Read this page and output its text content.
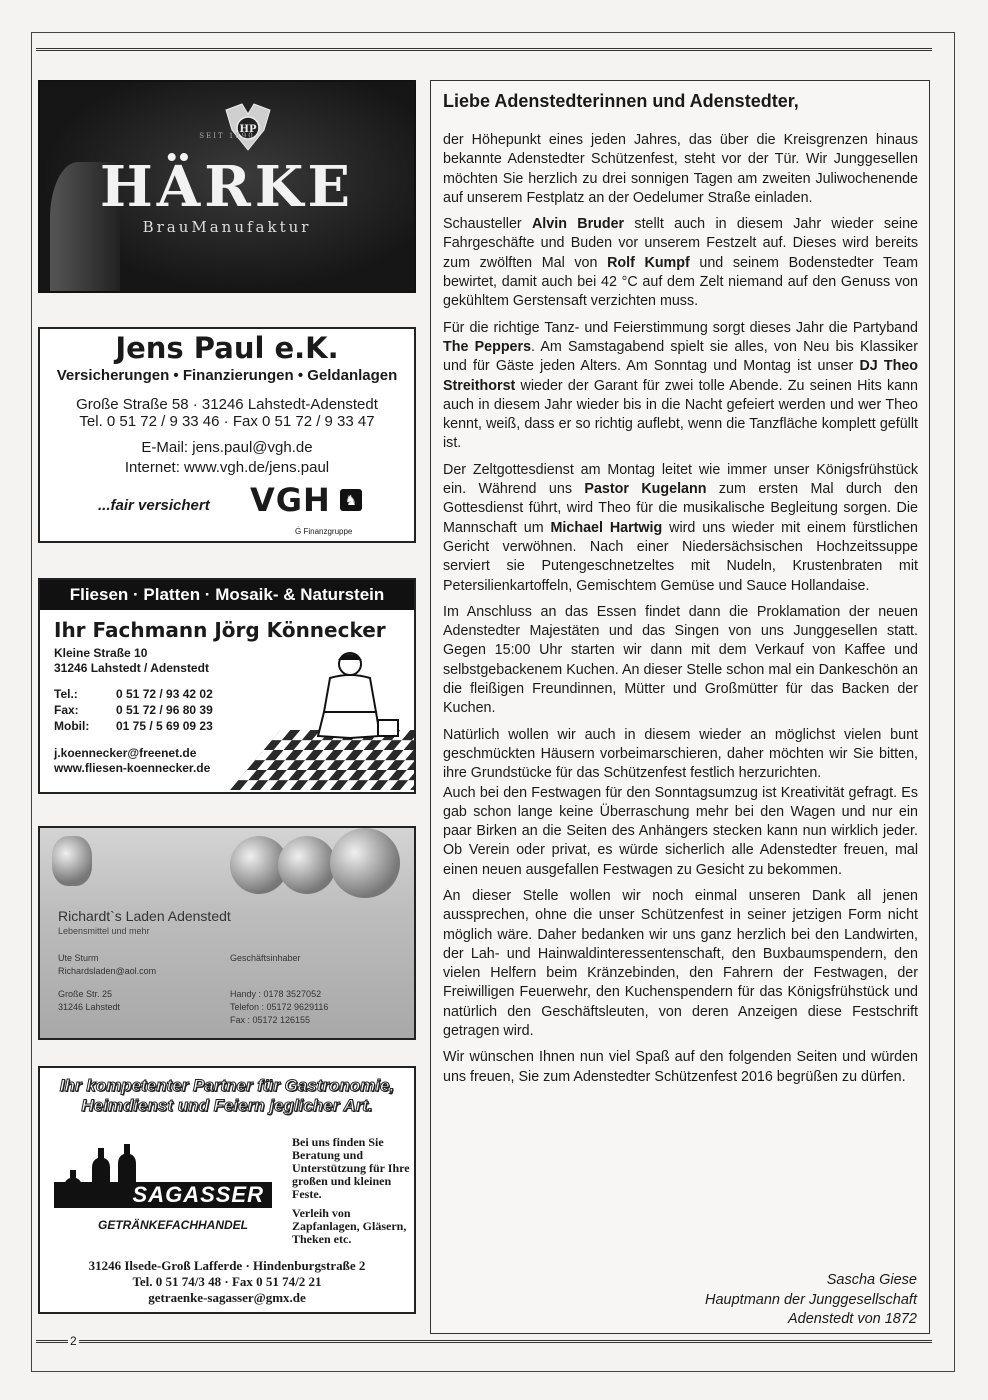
2
HP
SEIT 1890
HÄRKE
BrauManufaktur
Jens Paul e.K.
Versicherungen • Finanzierungen • Geldanlagen
Große Straße 58 · 31246 Lahstedt-Adenstedt
Tel. 0 51 72 / 9 33 46 · Fax 0 51 72 / 9 33 47
E-Mail: jens.paul@vgh.de
Internet: www.vgh.de/jens.paul
...fair versichert VGH ♞
Ġ Finanzgruppe
Fliesen · Platten · Mosaik- & Naturstein
Ihr Fachmann Jörg Könnecker
Kleine Straße 10
31246 Lahstedt / Adenstedt
Tel.:	0 51 72 / 93 42 02
Fax:	0 51 72 / 96 80 39
Mobil: 01 75 / 5 69 09 23
j.koennecker@freenet.de
www.fliesen-koennecker.de
Richardt`s Laden Adenstedt
Lebensmittel und mehr
Ute Sturm
Richardsladen@aol.com
Geschäftsinhaber
Große Str. 25
31246 Lahstedt
Handy : 0178 3527052
Telefon : 05172 9629116
Fax : 05172 126155
Ihr kompetenter Partner für Gastronomie,
Heimdienst und Feiern jeglicher Art.
SAGASSER
GETRÄNKEFACHHANDEL
Bei uns finden Sie Beratung und Unterstützung für Ihre großen und kleinen Feste.
Verleih von Zapfanlagen, Gläsern, Theken etc.
31246 Ilsede-Groß Lafferde · Hindenburgstraße 2
Tel. 0 51 74/3 48 · Fax 0 51 74/2 21
getraenke-sagasser@gmx.de
Liebe Adenstedterinnen und Adenstedter,

der Höhepunkt eines jeden Jahres, das über die Kreisgrenzen hinaus bekannte Adenstedter Schützenfest, steht vor der Tür. Wir Junggesellen möchten Sie herzlich zu drei sonnigen Tagen am zweiten Juliwochenende auf unserem Festplatz an der Oedelumer Straße einladen.

Schausteller Alvin Bruder stellt auch in diesem Jahr wieder seine Fahrgeschäfte und Buden vor unserem Festzelt auf. Dieses wird bereits zum zwölften Mal von Rolf Kumpf und seinem Bodenstedter Team bewirtet, damit auch bei 42 °C auf dem Zelt niemand auf den Genuss von gekühltem Gerstensaft verzichten muss.

Für die richtige Tanz- und Feierstimmung sorgt dieses Jahr die Partyband The Peppers. Am Samstagabend spielt sie alles, von Neu bis Klassiker und für Gäste jeden Alters. Am Sonntag und Montag ist unser DJ Theo Streithorst wieder der Garant für zwei tolle Abende. Zu seinen Hits kann auch in diesem Jahr wieder bis in die Nacht gefeiert werden und wer Theo kennt, weiß, dass er so richtig auflebt, wenn die Tanzfläche komplett gefüllt ist.

Der Zeltgottesdienst am Montag leitet wie immer unser Königsfrühstück ein. Während uns Pastor Kugelann zum ersten Mal durch den Gottesdienst führt, wird Theo für die musikalische Begleitung sorgen. Die Mannschaft um Michael Hartwig wird uns wieder mit einem fürstlichen Gericht verwöhnen. Nach einer Niedersächsischen Hochzeitssuppe serviert sie Putengeschnetzeltes mit Nudeln, Krustenbraten mit Petersilienkartoffeln, Gemischtem Gemüse und Sauce Hollandaise.

Im Anschluss an das Essen findet dann die Proklamation der neuen Adenstedter Majestäten und das Singen von uns Junggesellen statt. Gegen 15:00 Uhr starten wir dann mit dem Verkauf von Kaffee und selbstgebackenem Kuchen. An dieser Stelle schon mal ein Dankeschön an die fleißigen Freundinnen, Mütter und Großmütter für das Backen der Kuchen.

Natürlich wollen wir auch in diesem wieder an möglichst vielen bunt geschmückten Häusern vorbeimarschieren, daher möchten wir Sie bitten, ihre Grundstücke für das Schützenfest festlich herzurichten.

Auch bei den Festwagen für den Sonntagsumzug ist Kreativität gefragt. Es gab schon lange keine Überraschung mehr bei den Wagen und nur ein paar Birken an die Seiten des Anhängers stecken kann nun wirklich jeder. Ob Verein oder privat, es würde sicherlich alle Adenstedter freuen, mal einen neuen ausgefallen Festwagen zu Gesicht zu bekommen.

An dieser Stelle wollen wir noch einmal unseren Dank all jenen aussprechen, ohne die unser Schützenfest in seiner jetzigen Form nicht möglich wäre. Daher bedanken wir uns ganz herzlich bei den Landwirten, der Lah- und Hainwaldinteressentenschaft, den Buxbaumspendern, den vielen Helfern beim Kränzebinden, den Fahrern der Festwagen, der Freiwilligen Feuerwehr, den Kuchenspendern für das Königsfrühstück und natürlich den Geschäftsleuten, von deren Anzeigen diese Festschrift getragen wird.

Wir wünschen Ihnen nun viel Spaß auf den folgenden Seiten und würden uns freuen, Sie zum Adenstedter Schützenfest 2016 begrüßen zu dürfen.

Sascha Giese
Hauptmann der Junggesellschaft
Adenstedt von 1872
